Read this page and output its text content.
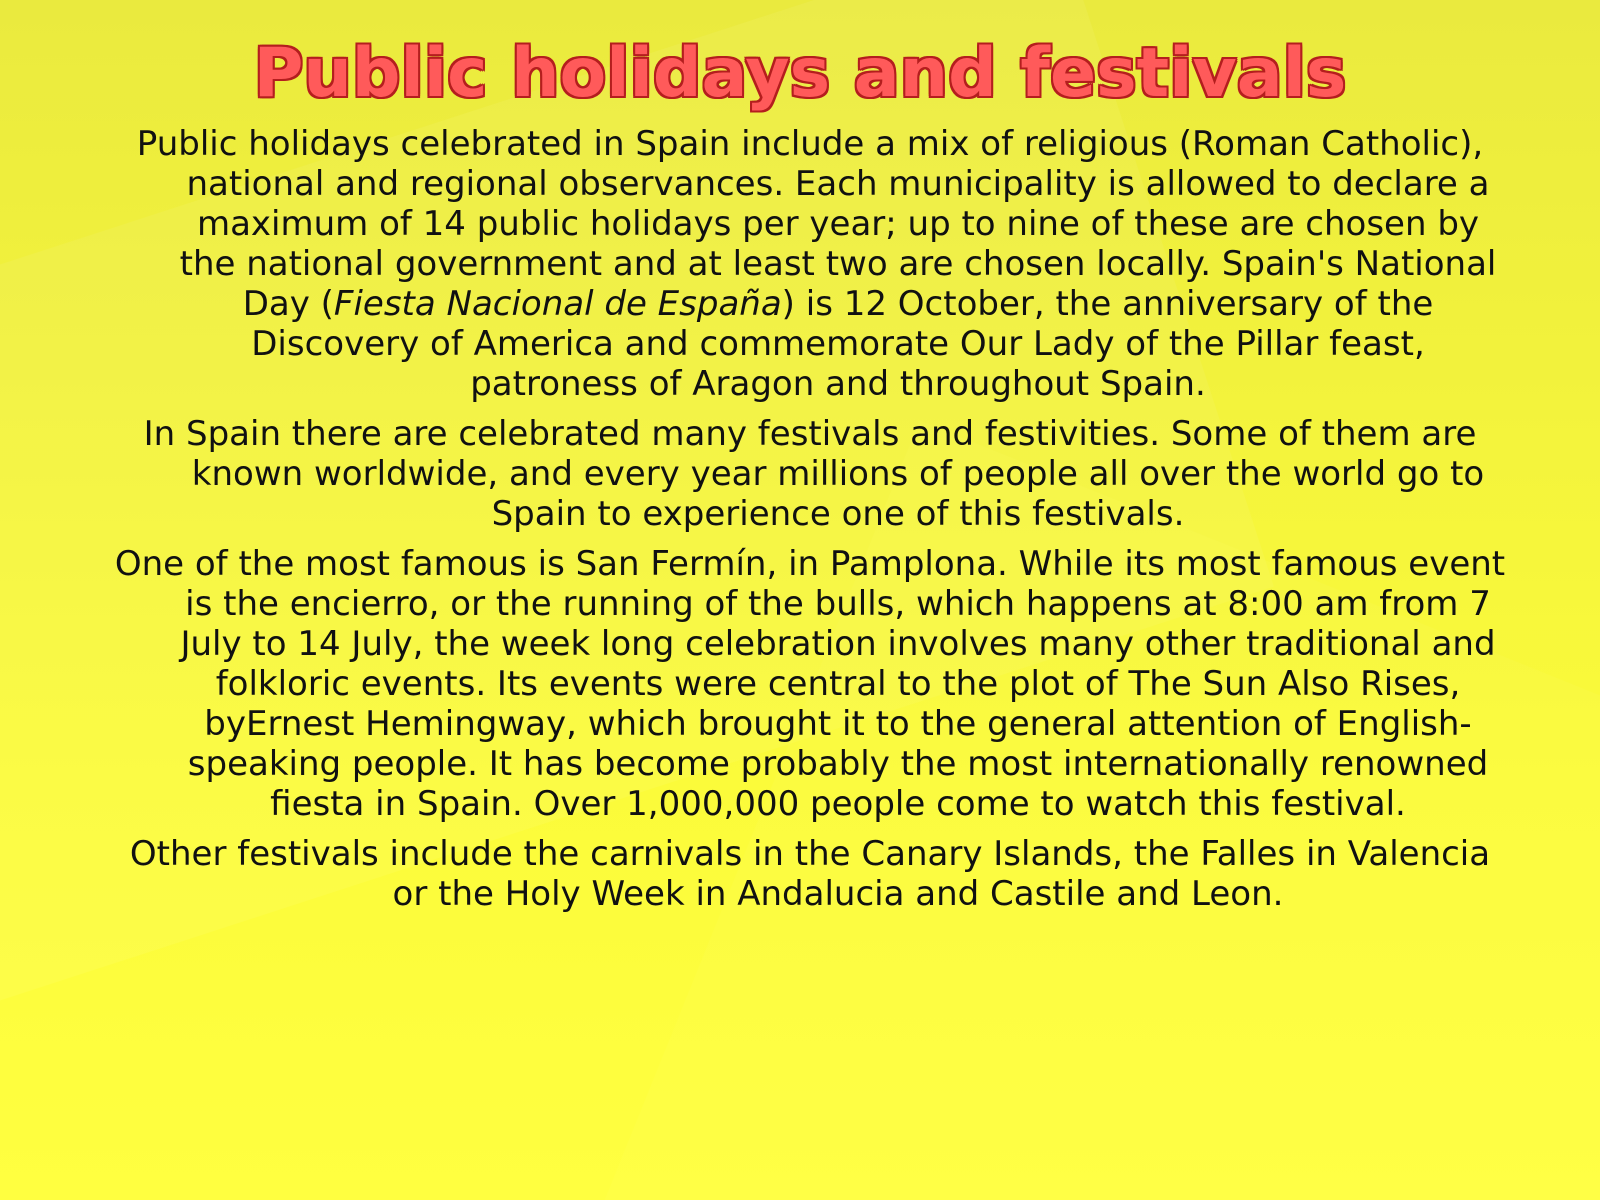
Public holidays and festivals

Public holidays celebrated in Spain include a mix of religious (Roman Catholic), national and regional observances. Each municipality is allowed to declare a maximum of 14 public holidays per year; up to nine of these are chosen by the national government and at least two are chosen locally. Spain's National Day (Fiesta Nacional de España) is 12 October, the anniversary of the Discovery of America and commemorate Our Lady of the Pillar feast, patroness of Aragon and throughout Spain.

In Spain there are celebrated many festivals and festivities. Some of them are known worldwide, and every year millions of people all over the world go to Spain to experience one of this festivals.

One of the most famous is San Fermín, in Pamplona. While its most famous event is the encierro, or the running of the bulls, which happens at 8:00 am from 7 July to 14 July, the week long celebration involves many other traditional and folkloric events. Its events were central to the plot of The Sun Also Rises, byErnest Hemingway, which brought it to the general attention of English-speaking people. It has become probably the most internationally renowned fiesta in Spain. Over 1,000,000 people come to watch this festival.

Other festivals include the carnivals in the Canary Islands, the Falles in Valencia or the Holy Week in Andalucia and Castile and Leon.
